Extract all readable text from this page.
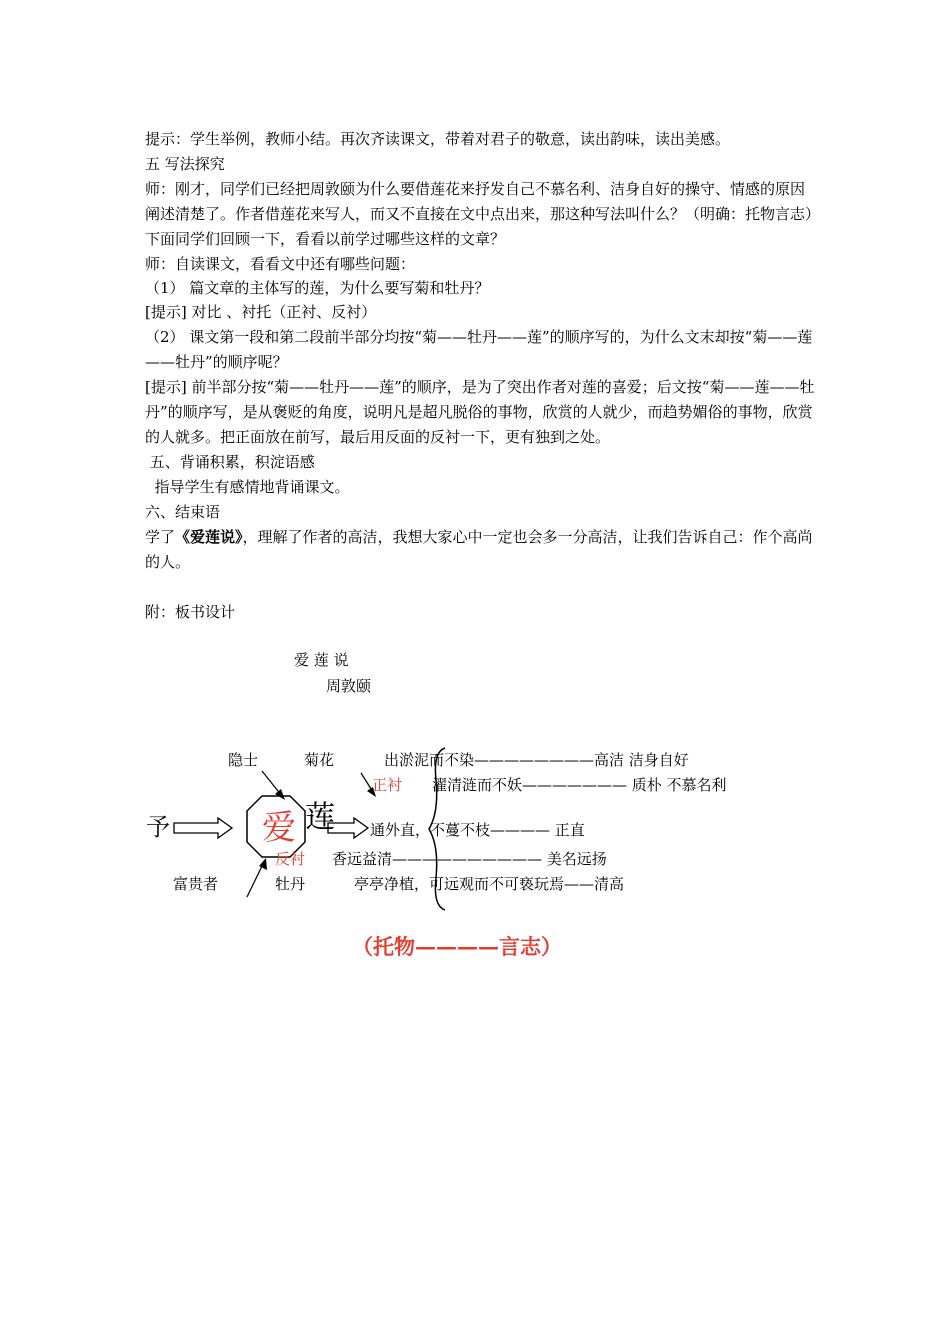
提示：学生举例，教师小结。再次齐读课文，带着对君子的敬意，读出韵味，读出美感。
五 写法探究
师：刚才，同学们已经把周敦颐为什么要借莲花来抒发自己不慕名利、洁身自好的操守、情感的原因阐述清楚了。作者借莲花来写人，而又不直接在文中点出来，那这种写法叫什么？（明确：托物言志）下面同学们回顾一下，看看以前学过哪些这样的文章？
师：自读课文，看看文中还有哪些问题：
（1） 篇文章的主体写的莲，为什么要写菊和牡丹？
[提示] 对比 、衬托（正衬、反衬）
（2） 课文第一段和第二段前半部分均按“菊——牡丹——莲”的顺序写的，为什么文末却按“菊——莲——牡丹”的顺序呢？
[提示] 前半部分按“菊——牡丹——莲”的顺序，是为了突出作者对莲的喜爱；后文按“菊——莲——牡丹”的顺序写，是从褒贬的角度，说明凡是超凡脱俗的事物，欣赏的人就少，而趋势媚俗的事物，欣赏的人就多。把正面放在前写，最后用反面的反衬一下，更有独到之处。
五、背诵积累，积淀语感
指导学生有感情地背诵课文。
六、结束语
学了《爱莲说》，理解了作者的高洁，我想大家心中一定也会多一分高洁，让我们告诉自己：作个高尚的人。
附：板书设计
爱 莲 说
周敦颐
隐士	菊花
富贵者	牡丹
予	爱 莲
正衬
反衬
出淤泥而不染————————高洁 洁身自好
濯清涟而不妖——————— 质朴 不慕名利
通外直，不蔓不枝———— 正直
香远益清—————————— 美名远扬
亭亭净植，可远观而不可亵玩焉——清高
（托物————言志）
